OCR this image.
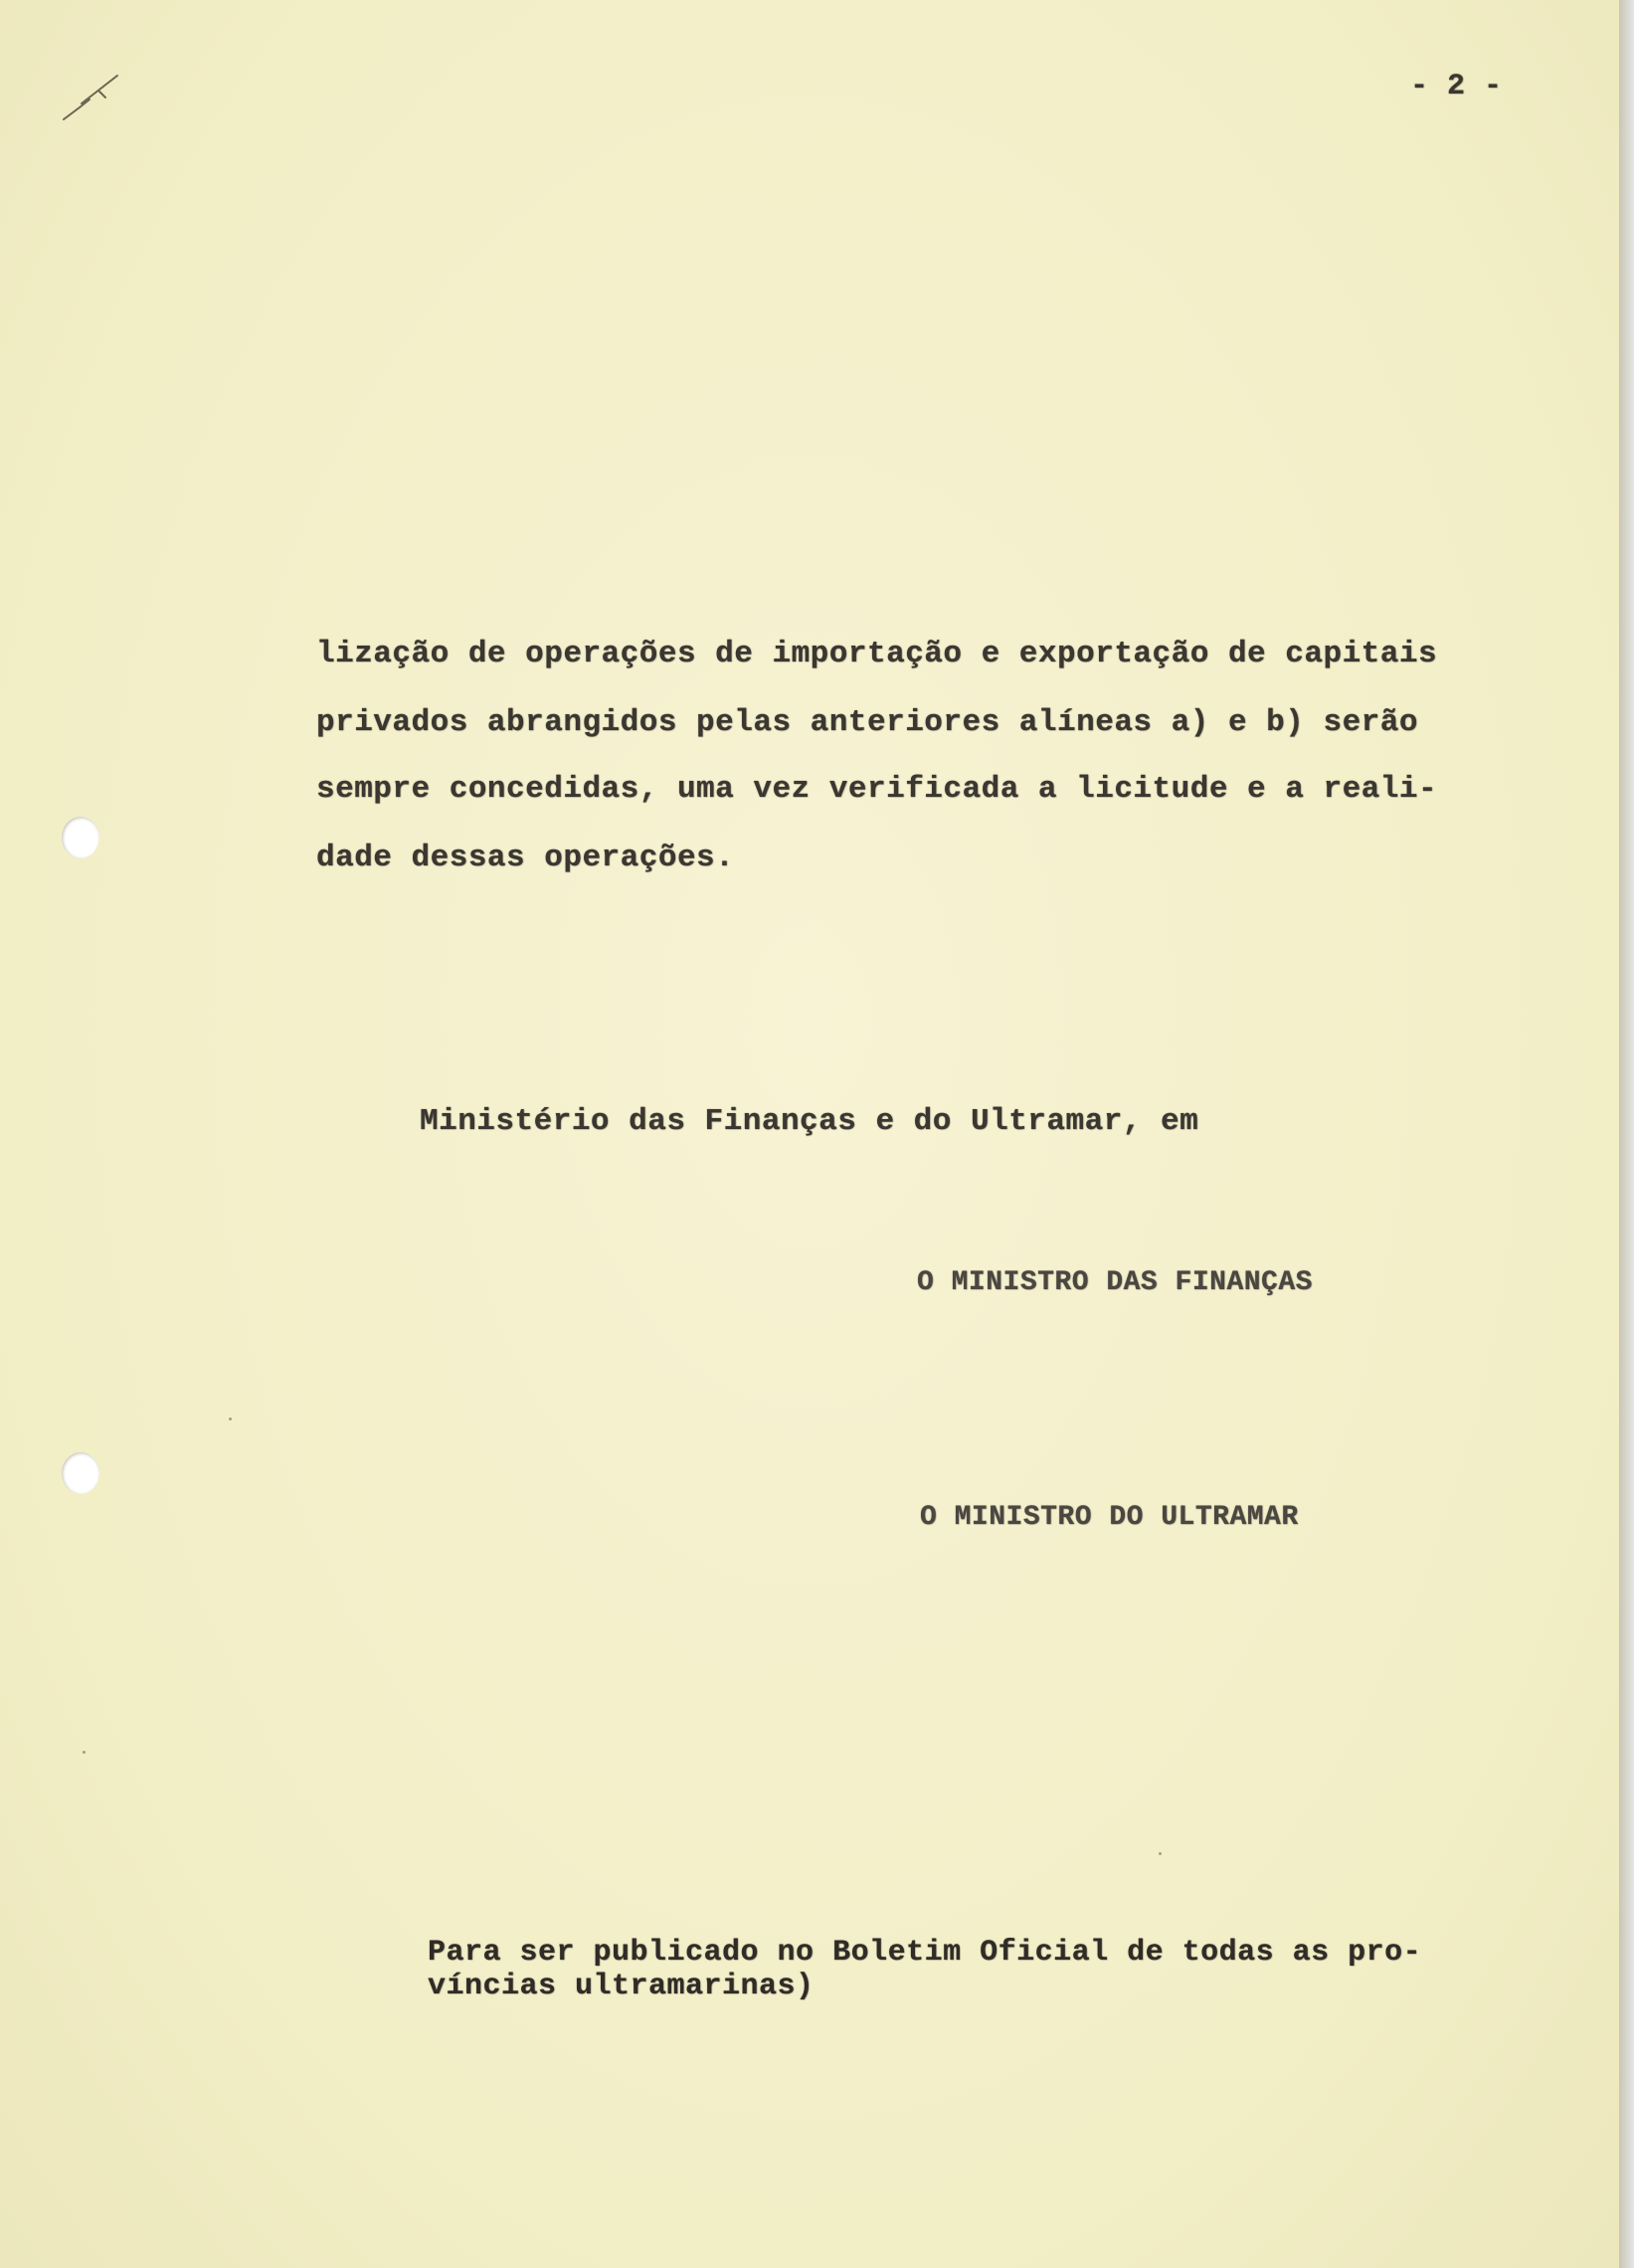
- 2 -
lização de operações de importação e exportação de capitais
privados abrangidos pelas anteriores alíneas a) e b) serão
sempre concedidas, uma vez verificada a licitude e a reali-
dade dessas operações.
Ministério das Finanças e do Ultramar, em
O MINISTRO DAS FINANÇAS
O MINISTRO DO ULTRAMAR
Para ser publicado no Boletim Oficial de todas as pro-
víncias ultramarinas)
